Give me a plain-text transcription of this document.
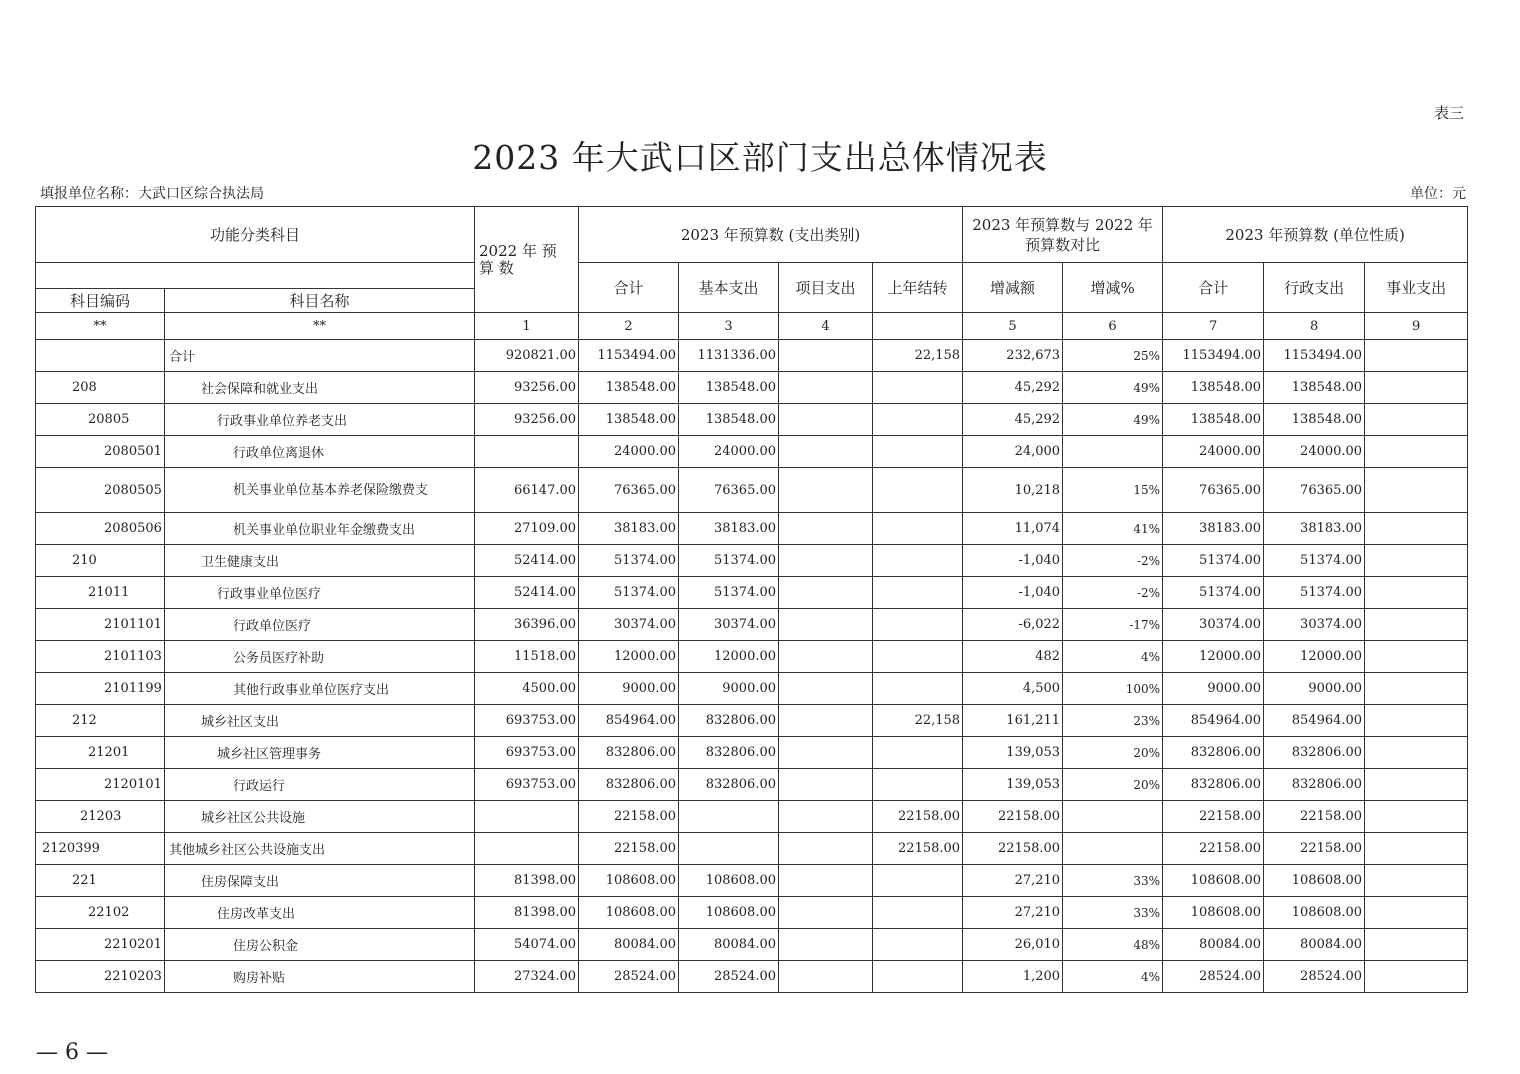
表三
2023 年大武口区部门支出总体情况表
填报单位名称：大武口区综合执法局	单位：元
功能分类科目		2022 年 预 算 数	2023 年预算数 (支出类别)				2023 年预算数与 2022 年 预算数对比		2023 年预算数 (单位性质)		
			合计	基本支出	项目支出	上年结转	增减额	增减%	合计	行政支出	事业支出
科目编码	科目名称										
**	**	1	2	3	4		5	6	7	8	9
	合计	920821.00	1153494.00	1131336.00		22,158	232,673	25%	1153494.00	1153494.00	
208	社会保障和就业支出	93256.00	138548.00	138548.00			45,292	49%	138548.00	138548.00	
20805	行政事业单位养老支出	93256.00	138548.00	138548.00			45,292	49%	138548.00	138548.00	
2080501	行政单位离退休		24000.00	24000.00			24,000		24000.00	24000.00	
2080505	机关事业单位基本养老保险缴费支	66147.00	76365.00	76365.00			10,218	15%	76365.00	76365.00	
2080506	机关事业单位职业年金缴费支出	27109.00	38183.00	38183.00			11,074	41%	38183.00	38183.00	
210	卫生健康支出	52414.00	51374.00	51374.00			-1,040	-2%	51374.00	51374.00	
21011	行政事业单位医疗	52414.00	51374.00	51374.00			-1,040	-2%	51374.00	51374.00	
2101101	行政单位医疗	36396.00	30374.00	30374.00			-6,022	-17%	30374.00	30374.00	
2101103	公务员医疗补助	11518.00	12000.00	12000.00			482	4%	12000.00	12000.00	
2101199	其他行政事业单位医疗支出	4500.00	9000.00	9000.00			4,500	100%	9000.00	9000.00	
212	城乡社区支出	693753.00	854964.00	832806.00		22,158	161,211	23%	854964.00	854964.00	
21201	城乡社区管理事务	693753.00	832806.00	832806.00			139,053	20%	832806.00	832806.00	
2120101	行政运行	693753.00	832806.00	832806.00			139,053	20%	832806.00	832806.00	
21203	城乡社区公共设施		22158.00			22158.00	22158.00		22158.00	22158.00	
2120399	其他城乡社区公共设施支出		22158.00			22158.00	22158.00		22158.00	22158.00	
221	住房保障支出	81398.00	108608.00	108608.00			27,210	33%	108608.00	108608.00	
22102	住房改革支出	81398.00	108608.00	108608.00			27,210	33%	108608.00	108608.00	
2210201	住房公积金	54074.00	80084.00	80084.00			26,010	48%	80084.00	80084.00	
2210203	购房补贴	27324.00	28524.00	28524.00			1,200	4%	28524.00	28524.00	
— 6 —
